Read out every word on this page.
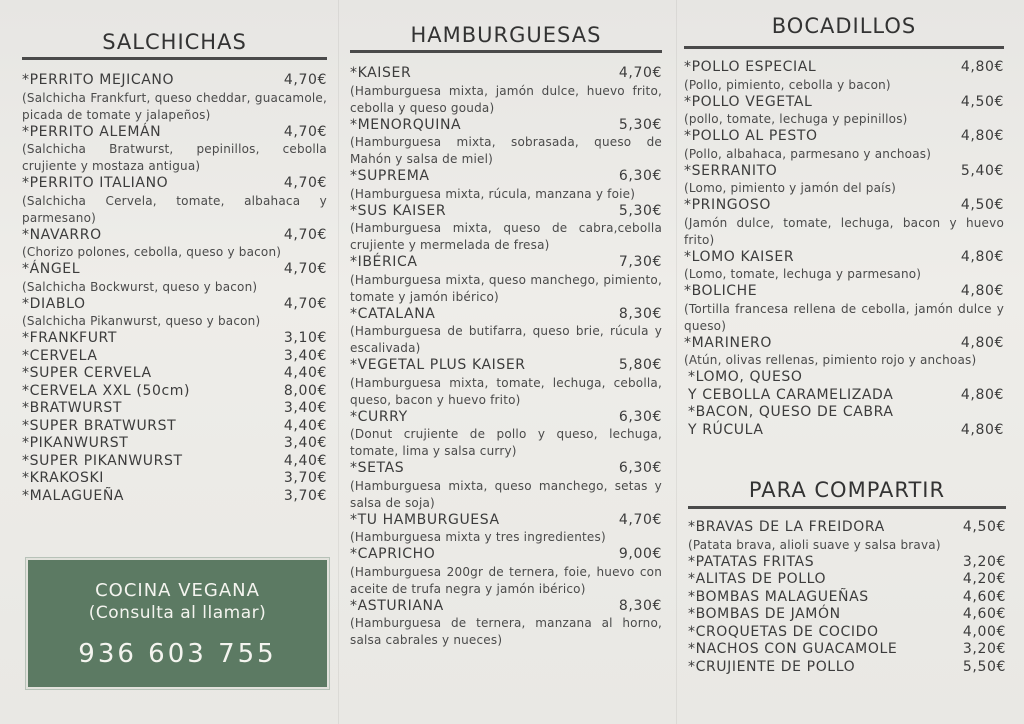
SALCHICHAS
*PERRITO MEJICANO	4,70€
(Salchicha Frankfurt, queso cheddar, guacamole, picada de tomate y jalapeños)
*PERRITO ALEMÁN	4,70€
(Salchicha Bratwurst, pepinillos, cebolla crujiente y mostaza antigua)
*PERRITO ITALIANO	4,70€
(Salchicha Cervela, tomate, albahaca y parmesano)
*NAVARRO	4,70€
(Chorizo polones, cebolla, queso y bacon)
*ÁNGEL	4,70€
(Salchicha Bockwurst, queso y bacon)
*DIABLO	4,70€
(Salchicha Pikanwurst, queso y bacon)
*FRANKFURT	3,10€
*CERVELA	3,40€
*SUPER CERVELA	4,40€
*CERVELA XXL (50cm)	8,00€
*BRATWURST	3,40€
*SUPER BRATWURST	4,40€
*PIKANWURST	3,40€
*SUPER PIKANWURST	4,40€
*KRAKOSKI	3,70€
*MALAGUEÑA	3,70€
HAMBURGUESAS
*KAISER	4,70€
(Hamburguesa mixta, jamón dulce, huevo frito, cebolla y queso gouda)
*MENORQUINA	5,30€
(Hamburguesa mixta, sobrasada, queso de Mahón y salsa de miel)
*SUPREMA	6,30€
(Hamburguesa mixta, rúcula, manzana y foie)
*SUS KAISER	5,30€
(Hamburguesa mixta, queso de cabra,cebolla crujiente y mermelada de fresa)
*IBÉRICA	7,30€
(Hamburguesa mixta, queso manchego, pimiento, tomate y jamón ibérico)
*CATALANA	8,30€
(Hamburguesa de butifarra, queso brie, rúcula y escalivada)
*VEGETAL PLUS KAISER	5,80€
(Hamburguesa mixta, tomate, lechuga, cebolla, queso, bacon y huevo frito)
*CURRY	6,30€
(Donut crujiente de pollo y queso, lechuga, tomate, lima y salsa curry)
*SETAS	6,30€
(Hamburguesa mixta, queso manchego, setas y salsa de soja)
*TU HAMBURGUESA	4,70€
(Hamburguesa mixta y tres ingredientes)
*CAPRICHO	9,00€
(Hamburguesa 200gr de ternera, foie, huevo con aceite de trufa negra y jamón ibérico)
*ASTURIANA	8,30€
(Hamburguesa de ternera, manzana al horno, salsa cabrales y nueces)
BOCADILLOS
*POLLO ESPECIAL	4,80€
(Pollo, pimiento, cebolla y bacon)
*POLLO VEGETAL	4,50€
(pollo, tomate, lechuga y pepinillos)
*POLLO AL PESTO	4,80€
(Pollo, albahaca, parmesano y anchoas)
*SERRANITO	5,40€
(Lomo, pimiento y jamón del país)
*PRINGOSO	4,50€
(Jamón dulce, tomate, lechuga, bacon y huevo frito)
*LOMO KAISER	4,80€
(Lomo, tomate, lechuga y parmesano)
*BOLICHE	4,80€
(Tortilla francesa rellena de cebolla, jamón dulce y queso)
*MARINERO	4,80€
(Atún, olivas rellenas, pimiento rojo y anchoas)
*LOMO, QUESO
Y CEBOLLA CARAMELIZADA	4,80€
*BACON, QUESO DE CABRA
Y RÚCULA	4,80€
PARA COMPARTIR
*BRAVAS DE LA FREIDORA	4,50€
(Patata brava, alioli suave y salsa brava)
*PATATAS FRITAS	3,20€
*ALITAS DE POLLO	4,20€
*BOMBAS MALAGUEÑAS	4,60€
*BOMBAS DE JAMÓN	4,60€
*CROQUETAS DE COCIDO	4,00€
*NACHOS CON GUACAMOLE	3,20€
*CRUJIENTE DE POLLO	5,50€
COCINA VEGANA
(Consulta al llamar)
936 603 755
